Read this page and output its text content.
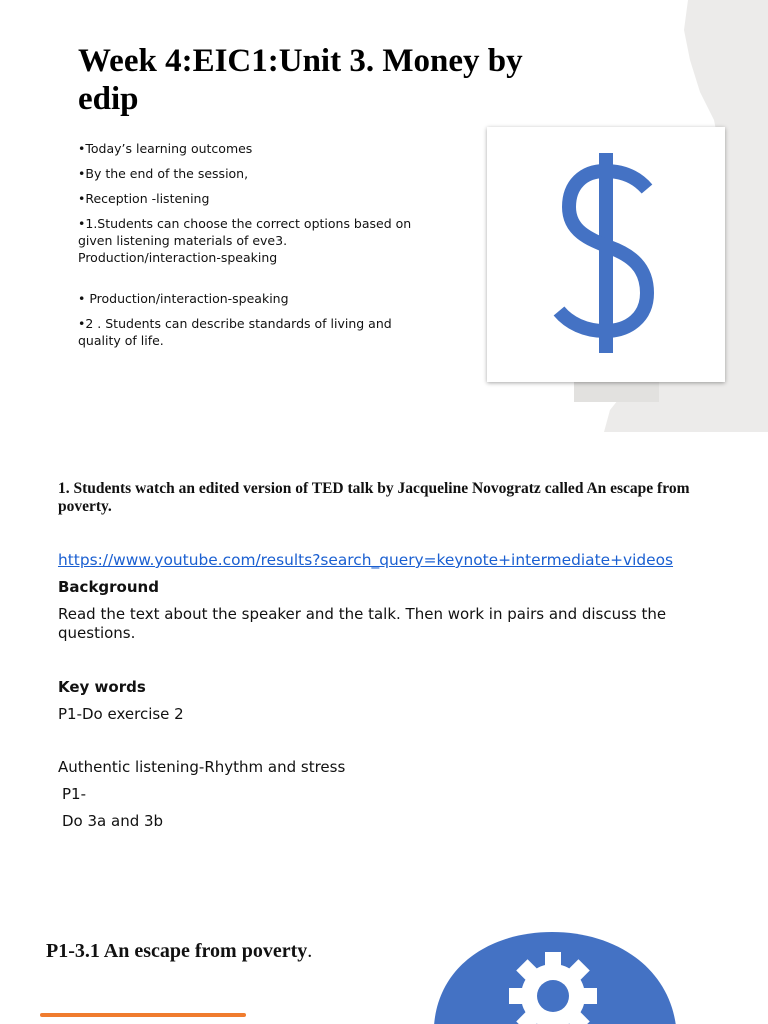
Week 4:EIC1:Unit 3. Money by edip
•Today’s learning outcomes
•By the end of the session,
•Reception -listening
•1.Students can choose the correct options based on given listening materials of eve3. Production/interaction-speaking
• Production/interaction-speaking
•2 . Students can describe standards of living and quality of life.

1. Students watch an edited version of TED talk by Jacqueline Novogratz called An escape from poverty.

https://www.youtube.com/results?search_query=keynote+intermediate+videos

Background

Read the text about the speaker and the talk. Then work in pairs and discuss the questions.

Key words

P1-Do exercise 2

Authentic listening-Rhythm and stress

P1-

Do 3a and 3b

P1-3.1 An escape from poverty.
